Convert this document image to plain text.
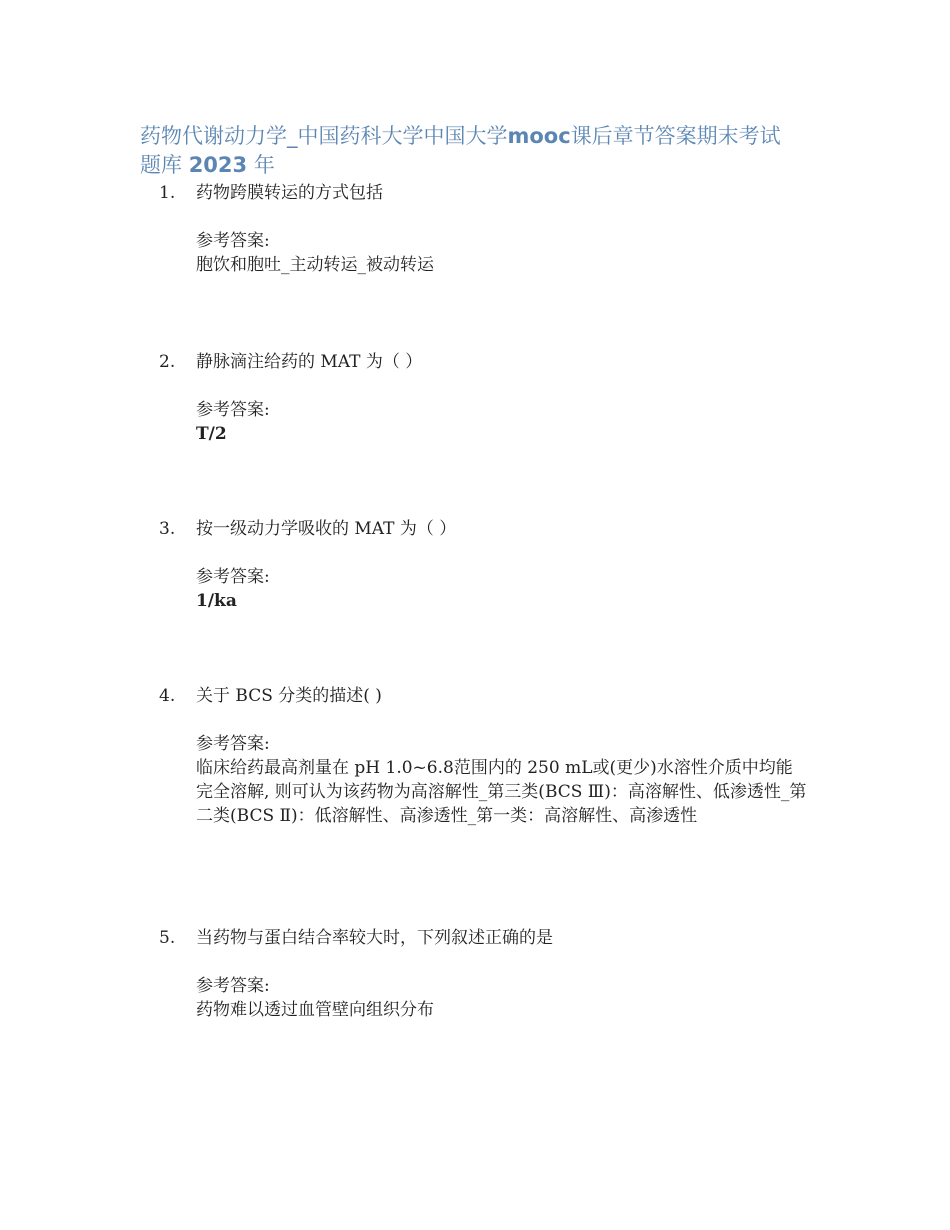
药物代谢动力学_中国药科大学中国大学mooc课后章节答案期末考试
题库 2023 年
1. 药物跨膜转运的方式包括
参考答案:
胞饮和胞吐_主动转运_被动转运
2. 静脉滴注给药的 MAT 为（ ）
参考答案:
T/2
3. 按一级动力学吸收的 MAT 为（ ）
参考答案:
1/ka
4. 关于 BCS 分类的描述( )
参考答案:
临床给药最高剂量在 pH 1.0~6.8范围内的 250 mL或(更少)水溶性介质中均能完全溶解, 则可认为该药物为高溶解性_第三类(BCS Ⅲ)：高溶解性、低渗透性_第二类(BCS Ⅱ)：低溶解性、高渗透性_第一类：高溶解性、高渗透性
5. 当药物与蛋白结合率较大时，下列叙述正确的是
参考答案:
药物难以透过血管壁向组织分布
